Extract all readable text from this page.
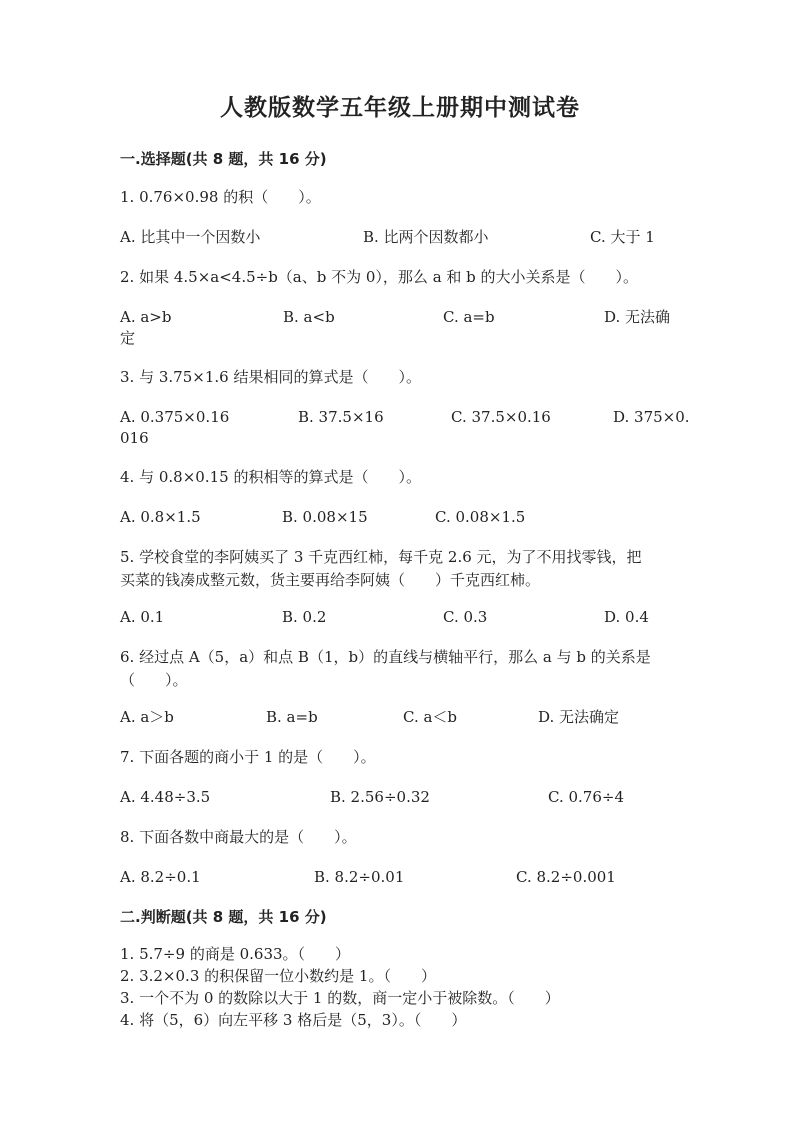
人教版数学五年级上册期中测试卷
一.选择题(共 8 题，共 16 分)
1. 0.76×0.98 的积（　　）。
A. 比其中一个因数小	B. 比两个因数都小	C. 大于 1
2. 如果 4.5×a<4.5÷b（a、b 不为 0），那么 a 和 b 的大小关系是（　　）。
A. a>b	B. a<b	C. a=b	D. 无法确
定
3. 与 3.75×1.6 结果相同的算式是（　　）。
A. 0.375×0.16	B. 37.5×16	C. 37.5×0.16	D. 375×0.
016
4. 与 0.8×0.15 的积相等的算式是（　　）。
A. 0.8×1.5	B. 0.08×15	C. 0.08×1.5
5. 学校食堂的李阿姨买了 3 千克西红柿，每千克 2.6 元，为了不用找零钱，把
买菜的钱凑成整元数，货主要再给李阿姨（　　）千克西红柿。
A. 0.1	B. 0.2	C. 0.3	D. 0.4
6. 经过点 A（5，a）和点 B（1，b）的直线与横轴平行，那么 a 与 b 的关系是
（　　）。
A. a＞b	B. a=b	C. a＜b	D. 无法确定
7. 下面各题的商小于 1 的是（　　）。
A. 4.48÷3.5	B. 2.56÷0.32	C. 0.76÷4
8. 下面各数中商最大的是（　　）。
A. 8.2÷0.1	B. 8.2÷0.01	C. 8.2÷0.001
二.判断题(共 8 题，共 16 分)
1. 5.7÷9 的商是 0.633。（　　）
2. 3.2×0.3 的积保留一位小数约是 1。（　　）
3. 一个不为 0 的数除以大于 1 的数，商一定小于被除数。（　　）
4. 将（5，6）向左平移 3 格后是（5，3）。（　　）
